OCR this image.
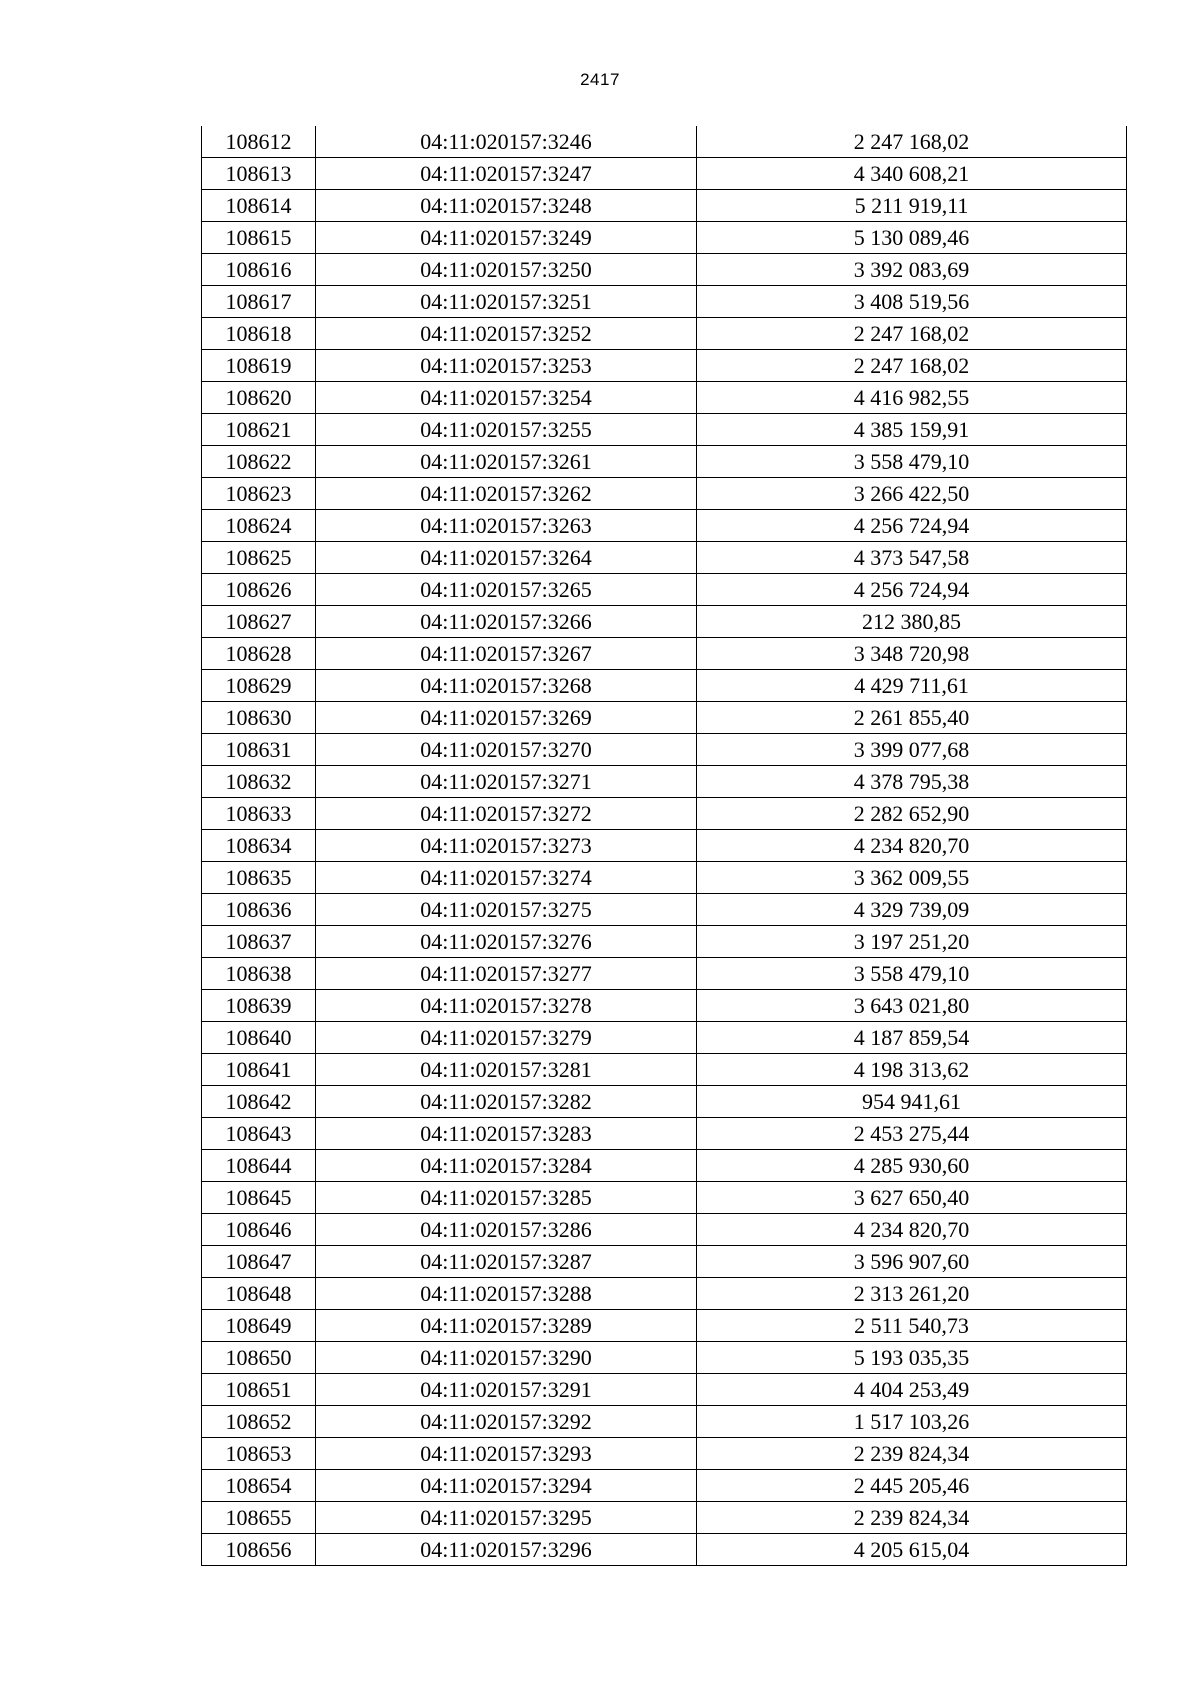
2417
108612	04:11:020157:3246	2 247 168,02
108613	04:11:020157:3247	4 340 608,21
108614	04:11:020157:3248	5 211 919,11
108615	04:11:020157:3249	5 130 089,46
108616	04:11:020157:3250	3 392 083,69
108617	04:11:020157:3251	3 408 519,56
108618	04:11:020157:3252	2 247 168,02
108619	04:11:020157:3253	2 247 168,02
108620	04:11:020157:3254	4 416 982,55
108621	04:11:020157:3255	4 385 159,91
108622	04:11:020157:3261	3 558 479,10
108623	04:11:020157:3262	3 266 422,50
108624	04:11:020157:3263	4 256 724,94
108625	04:11:020157:3264	4 373 547,58
108626	04:11:020157:3265	4 256 724,94
108627	04:11:020157:3266	212 380,85
108628	04:11:020157:3267	3 348 720,98
108629	04:11:020157:3268	4 429 711,61
108630	04:11:020157:3269	2 261 855,40
108631	04:11:020157:3270	3 399 077,68
108632	04:11:020157:3271	4 378 795,38
108633	04:11:020157:3272	2 282 652,90
108634	04:11:020157:3273	4 234 820,70
108635	04:11:020157:3274	3 362 009,55
108636	04:11:020157:3275	4 329 739,09
108637	04:11:020157:3276	3 197 251,20
108638	04:11:020157:3277	3 558 479,10
108639	04:11:020157:3278	3 643 021,80
108640	04:11:020157:3279	4 187 859,54
108641	04:11:020157:3281	4 198 313,62
108642	04:11:020157:3282	954 941,61
108643	04:11:020157:3283	2 453 275,44
108644	04:11:020157:3284	4 285 930,60
108645	04:11:020157:3285	3 627 650,40
108646	04:11:020157:3286	4 234 820,70
108647	04:11:020157:3287	3 596 907,60
108648	04:11:020157:3288	2 313 261,20
108649	04:11:020157:3289	2 511 540,73
108650	04:11:020157:3290	5 193 035,35
108651	04:11:020157:3291	4 404 253,49
108652	04:11:020157:3292	1 517 103,26
108653	04:11:020157:3293	2 239 824,34
108654	04:11:020157:3294	2 445 205,46
108655	04:11:020157:3295	2 239 824,34
108656	04:11:020157:3296	4 205 615,04
